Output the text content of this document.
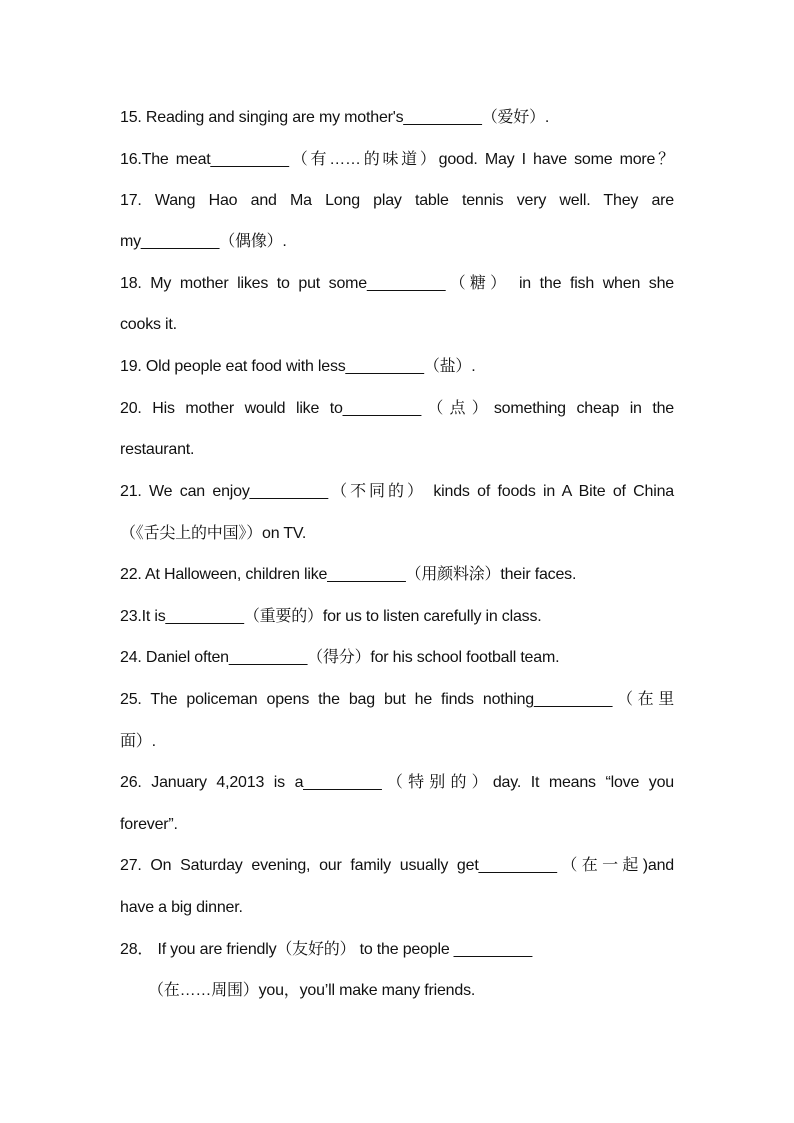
15. Reading and singing are my mother's_________（爱好）.
16.The meat_________（有……的味道）good. May I have some more？
17. Wang Hao and Ma Long play table tennis very well. They are
my_________（偶像）.
18. My mother likes to put some_________（糖） in the fish when she
cooks it.
19. Old people eat food with less_________（盐）.
20. His mother would like to_________（点）something cheap in the
restaurant.
21. We can enjoy_________（不同的） kinds of foods in A Bite of China
（《舌尖上的中国》）on TV.
22. At Halloween, children like_________（用颜料涂）their faces.
23.It is_________（重要的）for us to listen carefully in class.
24. Daniel often_________（得分）for his school football team.
25. The policeman opens the bag but he finds nothing_________（在里
面）.
26. January 4,2013 is a_________（特别的）day. It means “love you
forever”.
27. On Saturday evening, our family usually get_________（在一起)and
have a big dinner.
28． If you are friendly（友好的） to the people _________
（在……周围）you，you’ll make many friends.
